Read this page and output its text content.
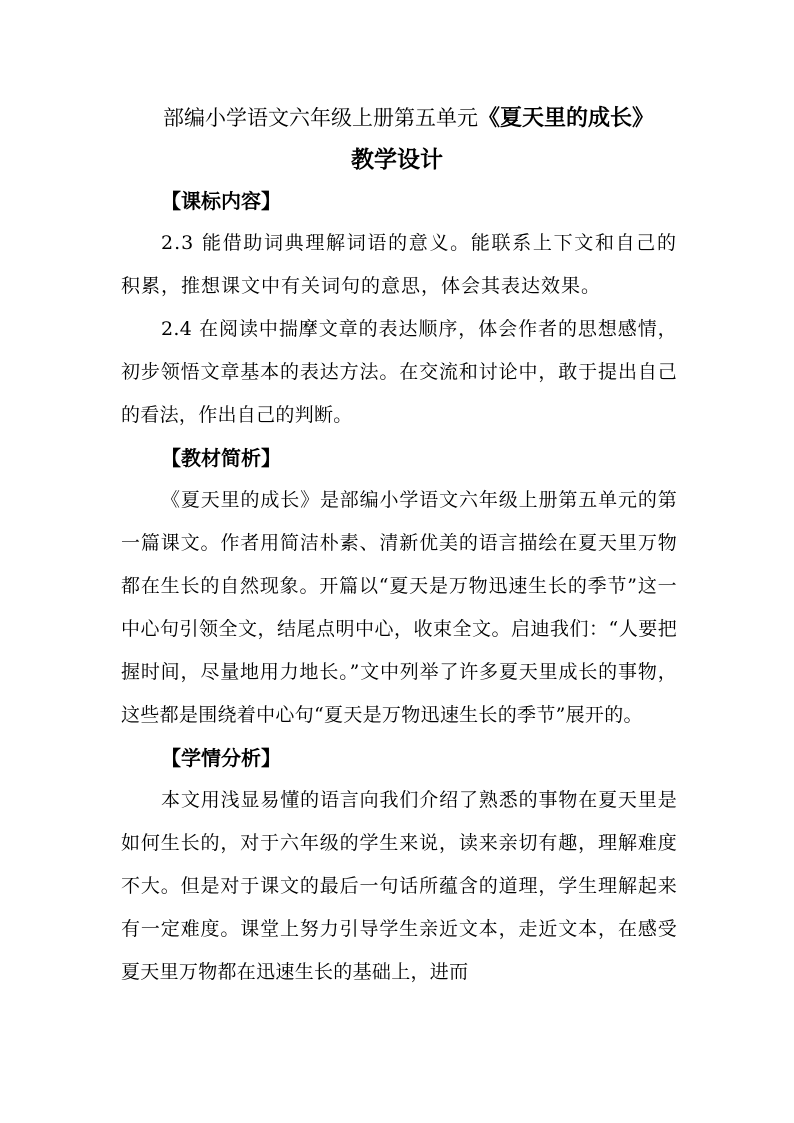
部编小学语文六年级上册第五单元《夏天里的成长》
教学设计
【课标内容】

2.3 能借助词典理解词语的意义。能联系上下文和自己的积累，推想课文中有关词句的意思，体会其表达效果。

2.4 在阅读中揣摩文章的表达顺序，体会作者的思想感情，初步领悟文章基本的表达方法。在交流和讨论中，敢于提出自己的看法，作出自己的判断。

【教材简析】

《夏天里的成长》是部编小学语文六年级上册第五单元的第一篇课文。作者用简洁朴素、清新优美的语言描绘在夏天里万物都在生长的自然现象。开篇以“夏天是万物迅速生长的季节”这一中心句引领全文，结尾点明中心，收束全文。启迪我们：“人要把握时间，尽量地用力地长。”文中列举了许多夏天里成长的事物，这些都是围绕着中心句“夏天是万物迅速生长的季节”展开的。

【学情分析】

本文用浅显易懂的语言向我们介绍了熟悉的事物在夏天里是如何生长的，对于六年级的学生来说，读来亲切有趣，理解难度不大。但是对于课文的最后一句话所蕴含的道理，学生理解起来有一定难度。课堂上努力引导学生亲近文本，走近文本，在感受夏天里万物都在迅速生长的基础上，进而
